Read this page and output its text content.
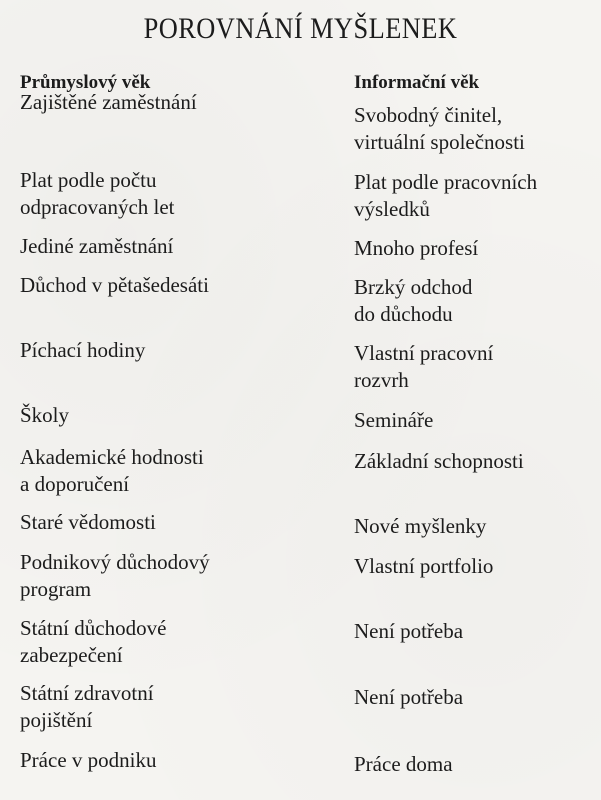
POROVNÁNÍ MYŠLENEK
Průmyslový věk
Zajištěné zaměstnání
Plat podle počtu
odpracovaných let
Jediné zaměstnání
Důchod v pětašedesáti
Píchací hodiny
Školy
Akademické hodnosti
a doporučení
Staré vědomosti
Podnikový důchodový
program
Státní důchodové
zabezpečení
Státní zdravotní
pojištění
Práce v podniku
Informační věk
Svobodný činitel,
virtuální společnosti
Plat podle pracovních
výsledků
Mnoho profesí
Brzký odchod
do důchodu
Vlastní pracovní
rozvrh
Semináře
Základní schopnosti
Nové myšlenky
Vlastní portfolio
Není potřeba
Není potřeba
Práce doma
